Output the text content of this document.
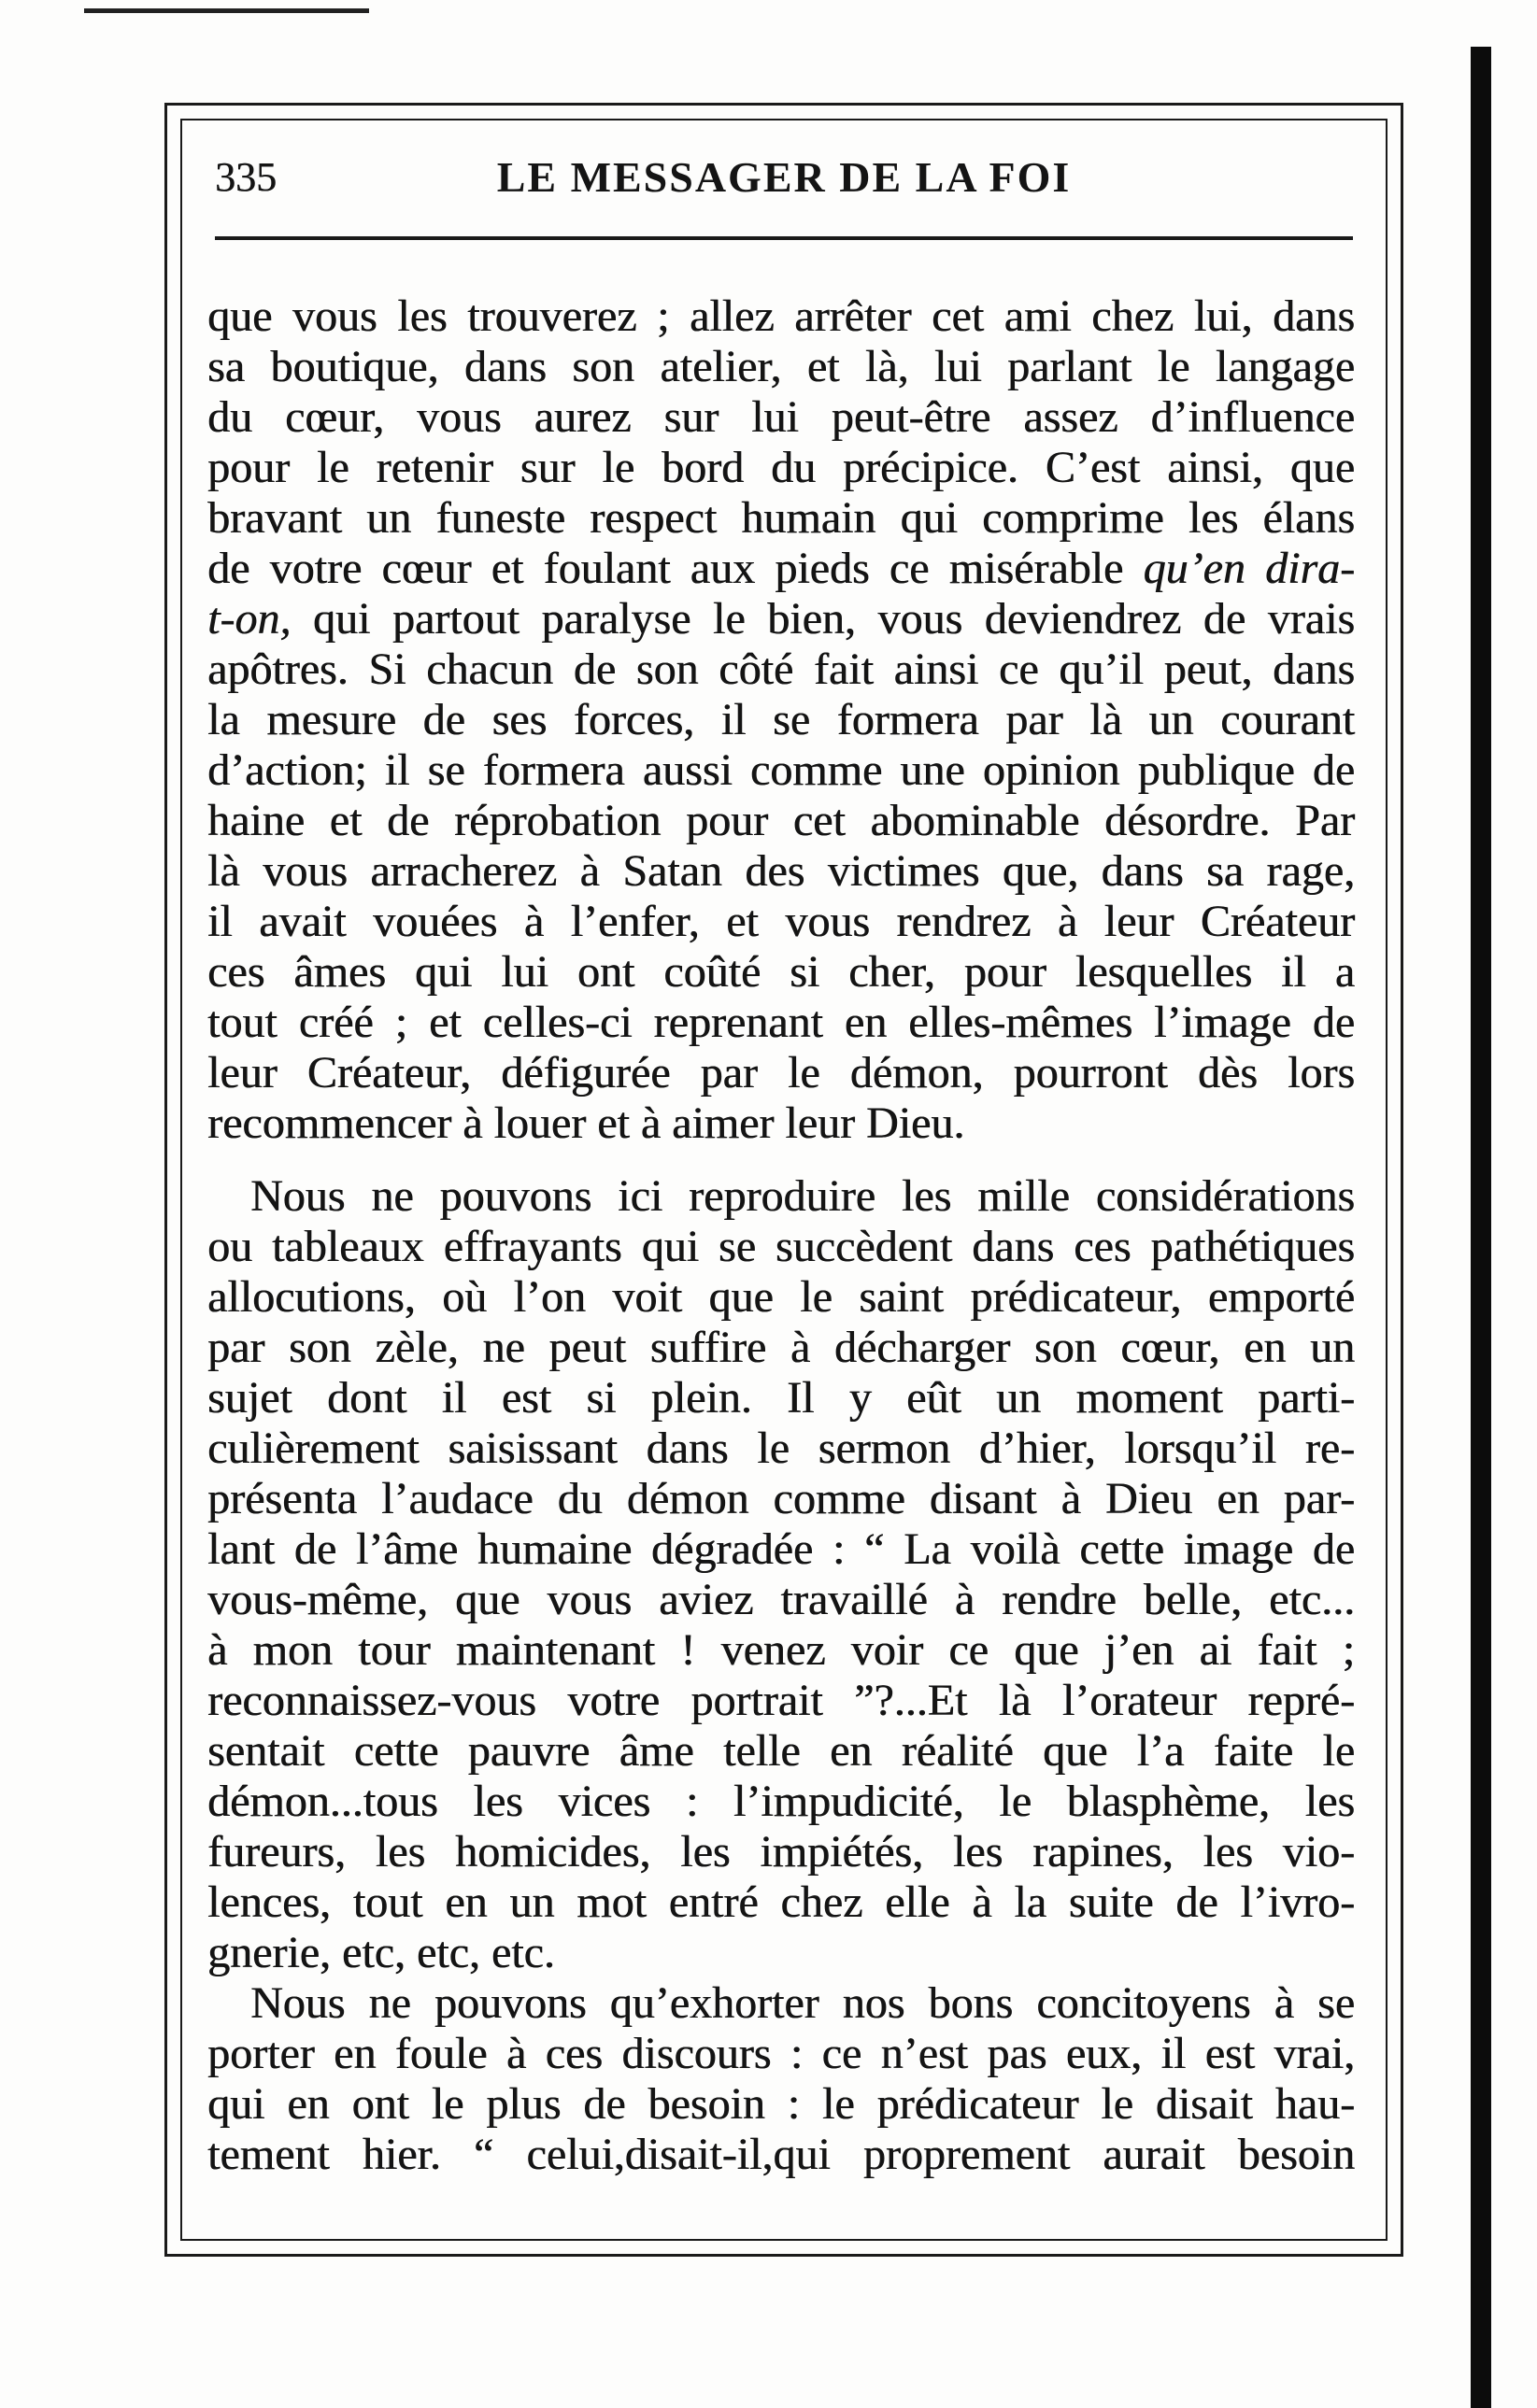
335	LE MESSAGER DE LA FOI
que vous les trouverez ; allez arrêter cet ami chez lui, dans
sa boutique, dans son atelier, et là, lui parlant le langage
du cœur, vous aurez sur lui peut-être assez d’influence
pour le retenir sur le bord du précipice. C’est ainsi, que
bravant un funeste respect humain qui comprime les élans
de votre cœur et foulant aux pieds ce misérable qu’en dira-
t-on, qui partout paralyse le bien, vous deviendrez de vrais
apôtres. Si chacun de son côté fait ainsi ce qu’il peut, dans
la mesure de ses forces, il se formera par là un courant
d’action; il se formera aussi comme une opinion publique de
haine et de réprobation pour cet abominable désordre. Par
là vous arracherez à Satan des victimes que, dans sa rage,
il avait vouées à l’enfer, et vous rendrez à leur Créateur
ces âmes qui lui ont coûté si cher, pour lesquelles il a
tout créé ; et celles-ci reprenant en elles-mêmes l’image de
leur Créateur, défigurée par le démon, pourront dès lors
recommencer à louer et à aimer leur Dieu.
Nous ne pouvons ici reproduire les mille considérations
ou tableaux effrayants qui se succèdent dans ces pathétiques
allocutions, où l’on voit que le saint prédicateur, emporté
par son zèle, ne peut suffire à décharger son cœur, en un
sujet dont il est si plein. Il y eût un moment parti-
culièrement saisissant dans le sermon d’hier, lorsqu’il re-
présenta l’audace du démon comme disant à Dieu en par-
lant de l’âme humaine dégradée : “ La voilà cette image de
vous-même, que vous aviez travaillé à rendre belle, etc...
à mon tour maintenant ! venez voir ce que j’en ai fait ;
reconnaissez-vous votre portrait ”?...Et là l’orateur repré-
sentait cette pauvre âme telle en réalité que l’a faite le
démon...tous les vices : l’impudicité, le blasphème, les
fureurs, les homicides, les impiétés, les rapines, les vio-
lences, tout en un mot entré chez elle à la suite de l’ivro-
gnerie, etc, etc, etc.
Nous ne pouvons qu’exhorter nos bons concitoyens à se
porter en foule à ces discours : ce n’est pas eux, il est vrai,
qui en ont le plus de besoin : le prédicateur le disait hau-
tement hier. “ celui,disait-il,qui proprement aurait besoin
